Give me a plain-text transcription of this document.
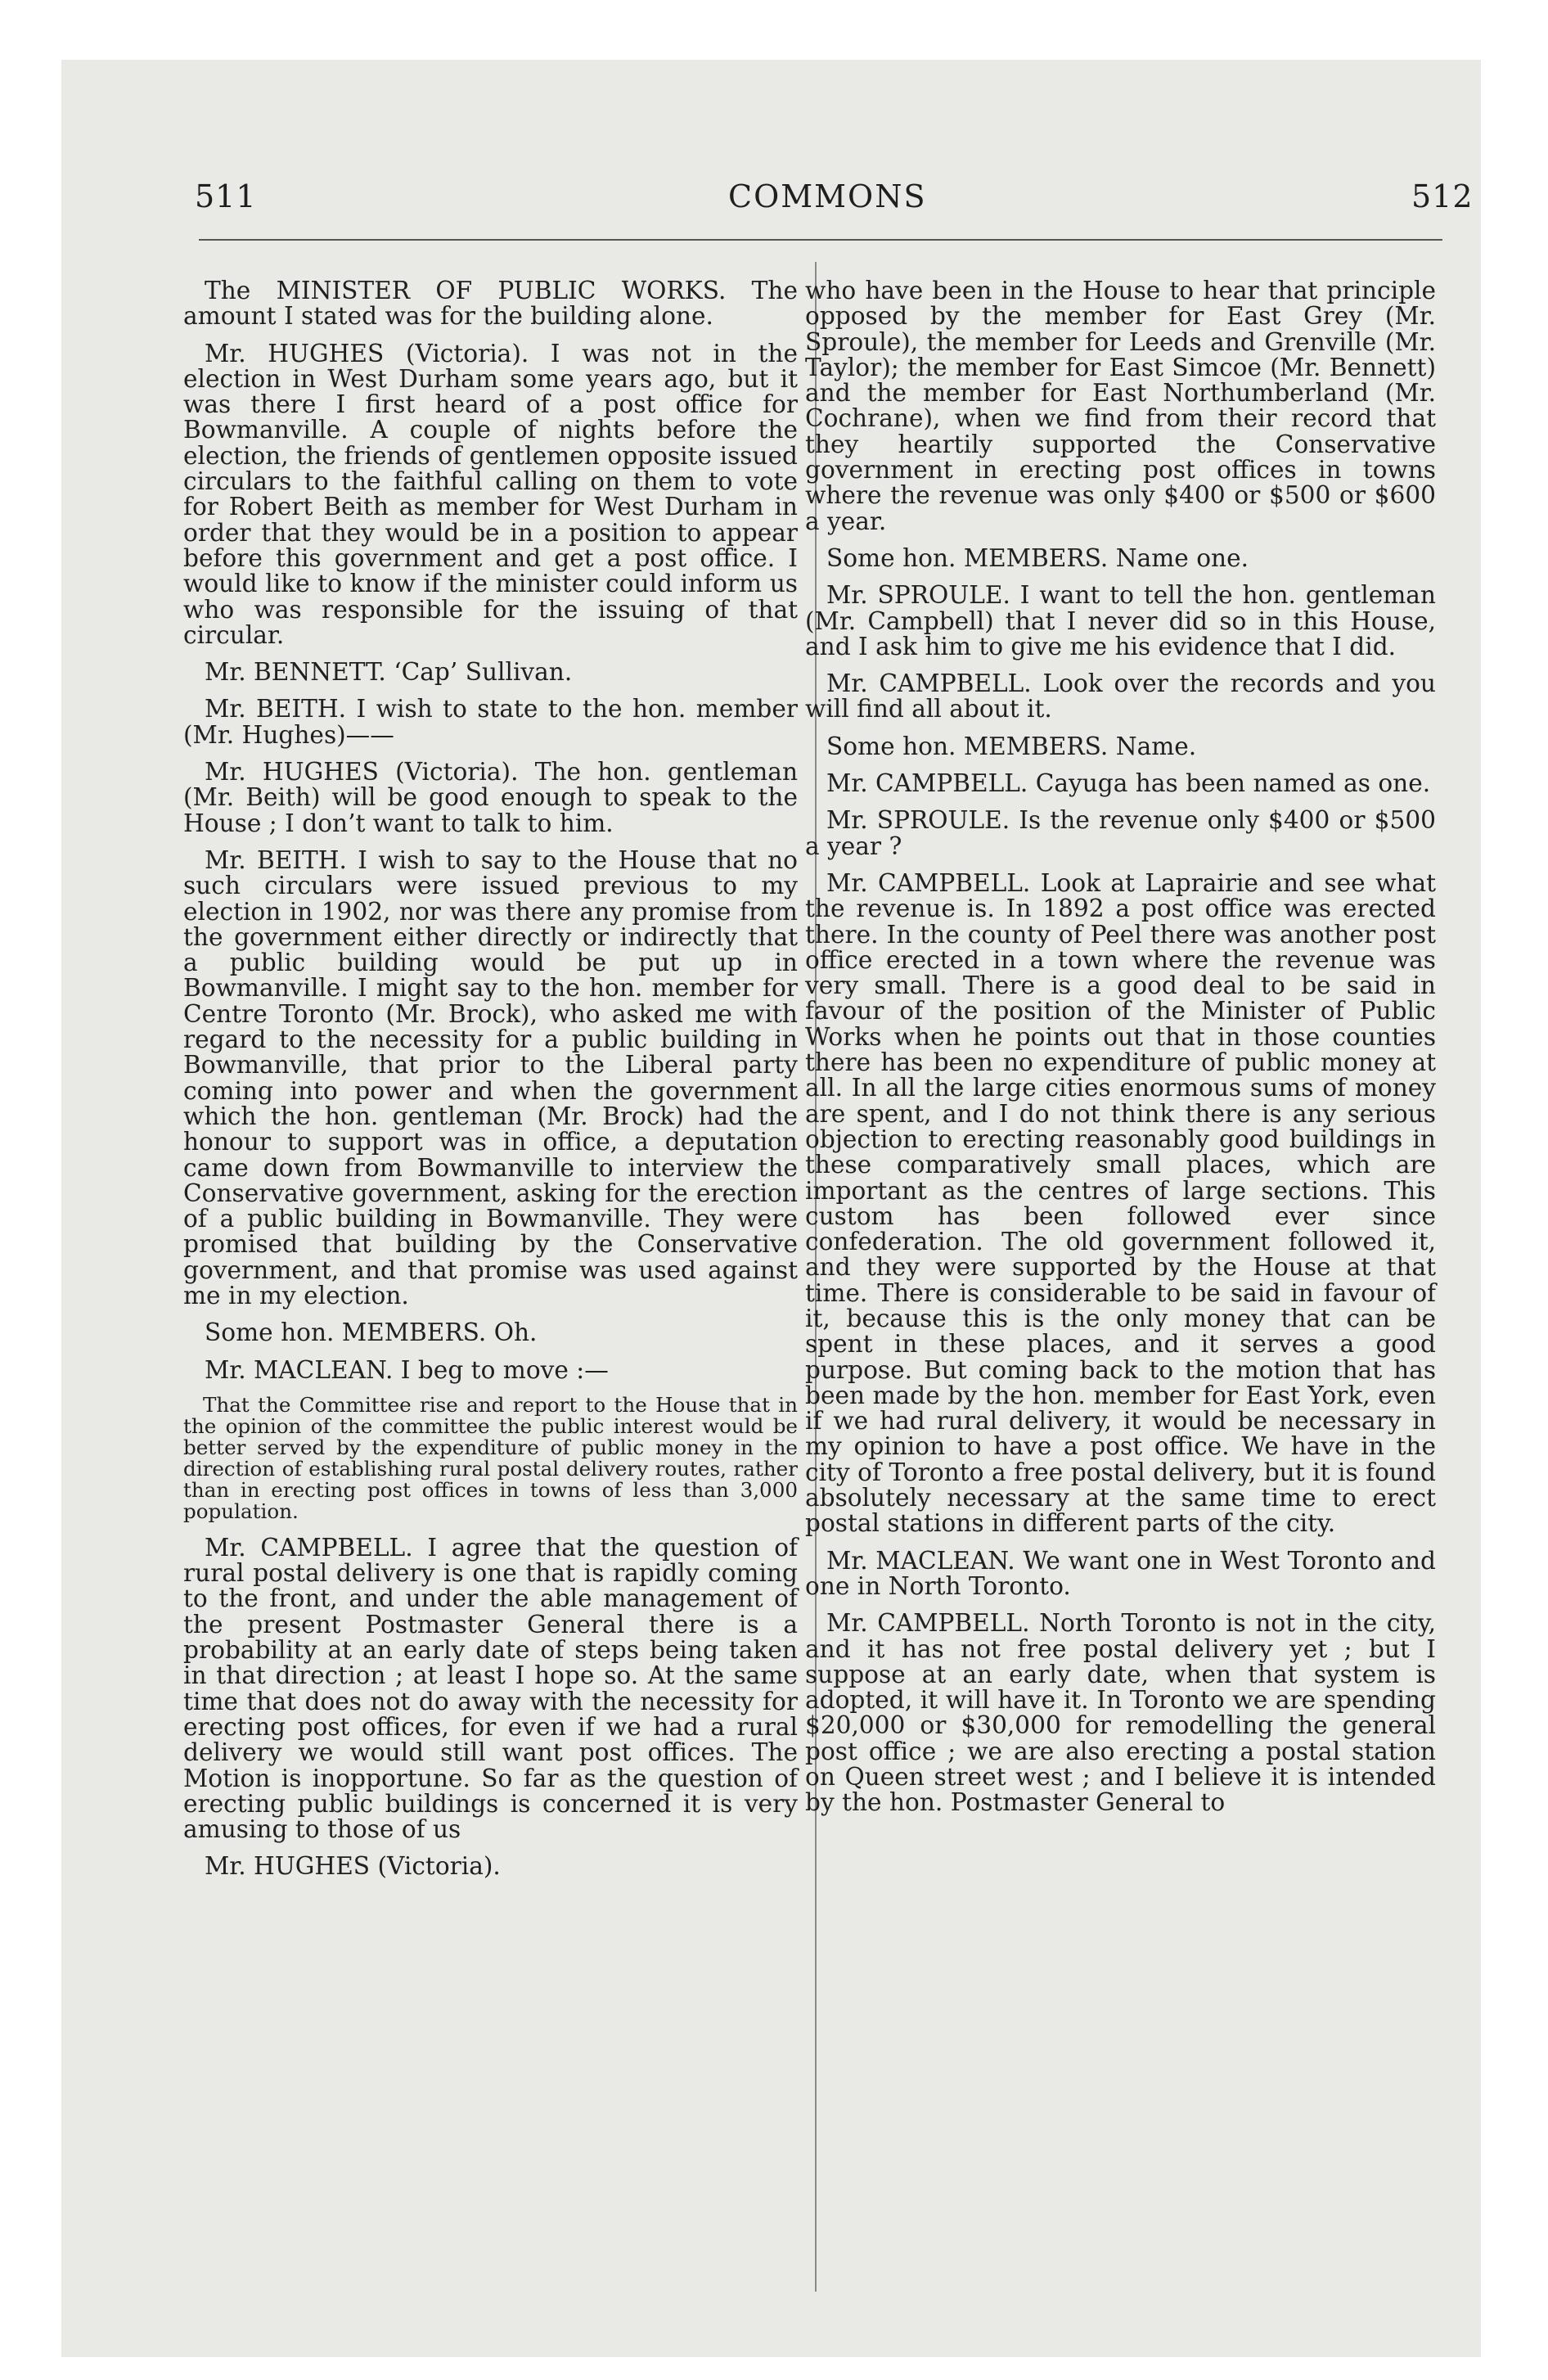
511	COMMONS	512

The MINISTER OF PUBLIC WORKS. The amount I stated was for the building alone.

Mr. HUGHES (Victoria). I was not in the election in West Durham some years ago, but it was there I first heard of a post office for Bowmanville. A couple of nights before the election, the friends of gentlemen opposite issued circulars to the faithful calling on them to vote for Robert Beith as member for West Durham in order that they would be in a position to appear before this government and get a post office. I would like to know if the minister could inform us who was responsible for the issuing of that circular.

Mr. BENNETT. ‘Cap’ Sullivan.

Mr. BEITH. I wish to state to the hon. member (Mr. Hughes)——

Mr. HUGHES (Victoria). The hon. gentleman (Mr. Beith) will be good enough to speak to the House ; I don’t want to talk to him.

Mr. BEITH. I wish to say to the House that no such circulars were issued previous to my election in 1902, nor was there any promise from the government either directly or indirectly that a public building would be put up in Bowmanville. I might say to the hon. member for Centre Toronto (Mr. Brock), who asked me with regard to the necessity for a public building in Bowmanville, that prior to the Liberal party coming into power and when the government which the hon. gentleman (Mr. Brock) had the honour to support was in office, a deputation came down from Bowmanville to interview the Conservative government, asking for the erection of a public building in Bowmanville. They were promised that building by the Conservative government, and that promise was used against me in my election.

Some hon. MEMBERS. Oh.

Mr. MACLEAN. I beg to move :—

That the Committee rise and report to the House that in the opinion of the committee the public interest would be better served by the expenditure of public money in the direction of establishing rural postal delivery routes, rather than in erecting post offices in towns of less than 3,000 population.

Mr. CAMPBELL. I agree that the question of rural postal delivery is one that is rapidly coming to the front, and under the able management of the present Postmaster General there is a probability at an early date of steps being taken in that direction ; at least I hope so. At the same time that does not do away with the necessity for erecting post offices, for even if we had a rural delivery we would still want post offices. The Motion is inopportune. So far as the question of erecting public buildings is concerned it is very amusing to those of us

Mr. HUGHES (Victoria).

who have been in the House to hear that principle opposed by the member for East Grey (Mr. Sproule), the member for Leeds and Grenville (Mr. Taylor); the member for East Simcoe (Mr. Bennett) and the member for East Northumberland (Mr. Cochrane), when we find from their record that they heartily supported the Conservative government in erecting post offices in towns where the revenue was only $400 or $500 or $600 a year.

Some hon. MEMBERS. Name one.

Mr. SPROULE. I want to tell the hon. gentleman (Mr. Campbell) that I never did so in this House, and I ask him to give me his evidence that I did.

Mr. CAMPBELL. Look over the records and you will find all about it.

Some hon. MEMBERS. Name.

Mr. CAMPBELL. Cayuga has been named as one.

Mr. SPROULE. Is the revenue only $400 or $500 a year ?

Mr. CAMPBELL. Look at Laprairie and see what the revenue is. In 1892 a post office was erected there. In the county of Peel there was another post office erected in a town where the revenue was very small. There is a good deal to be said in favour of the position of the Minister of Public Works when he points out that in those counties there has been no expenditure of public money at all. In all the large cities enormous sums of money are spent, and I do not think there is any serious objection to erecting reasonably good buildings in these comparatively small places, which are important as the centres of large sections. This custom has been followed ever since confederation. The old government followed it, and they were supported by the House at that time. There is considerable to be said in favour of it, because this is the only money that can be spent in these places, and it serves a good purpose. But coming back to the motion that has been made by the hon. member for East York, even if we had rural delivery, it would be necessary in my opinion to have a post office. We have in the city of Toronto a free postal delivery, but it is found absolutely necessary at the same time to erect postal stations in different parts of the city.

Mr. MACLEAN. We want one in West Toronto and one in North Toronto.

Mr. CAMPBELL. North Toronto is not in the city, and it has not free postal delivery yet ; but I suppose at an early date, when that system is adopted, it will have it. In Toronto we are spending $20,000 or $30,000 for remodelling the general post office ; we are also erecting a postal station on Queen street west ; and I believe it is intended by the hon. Postmaster General to
